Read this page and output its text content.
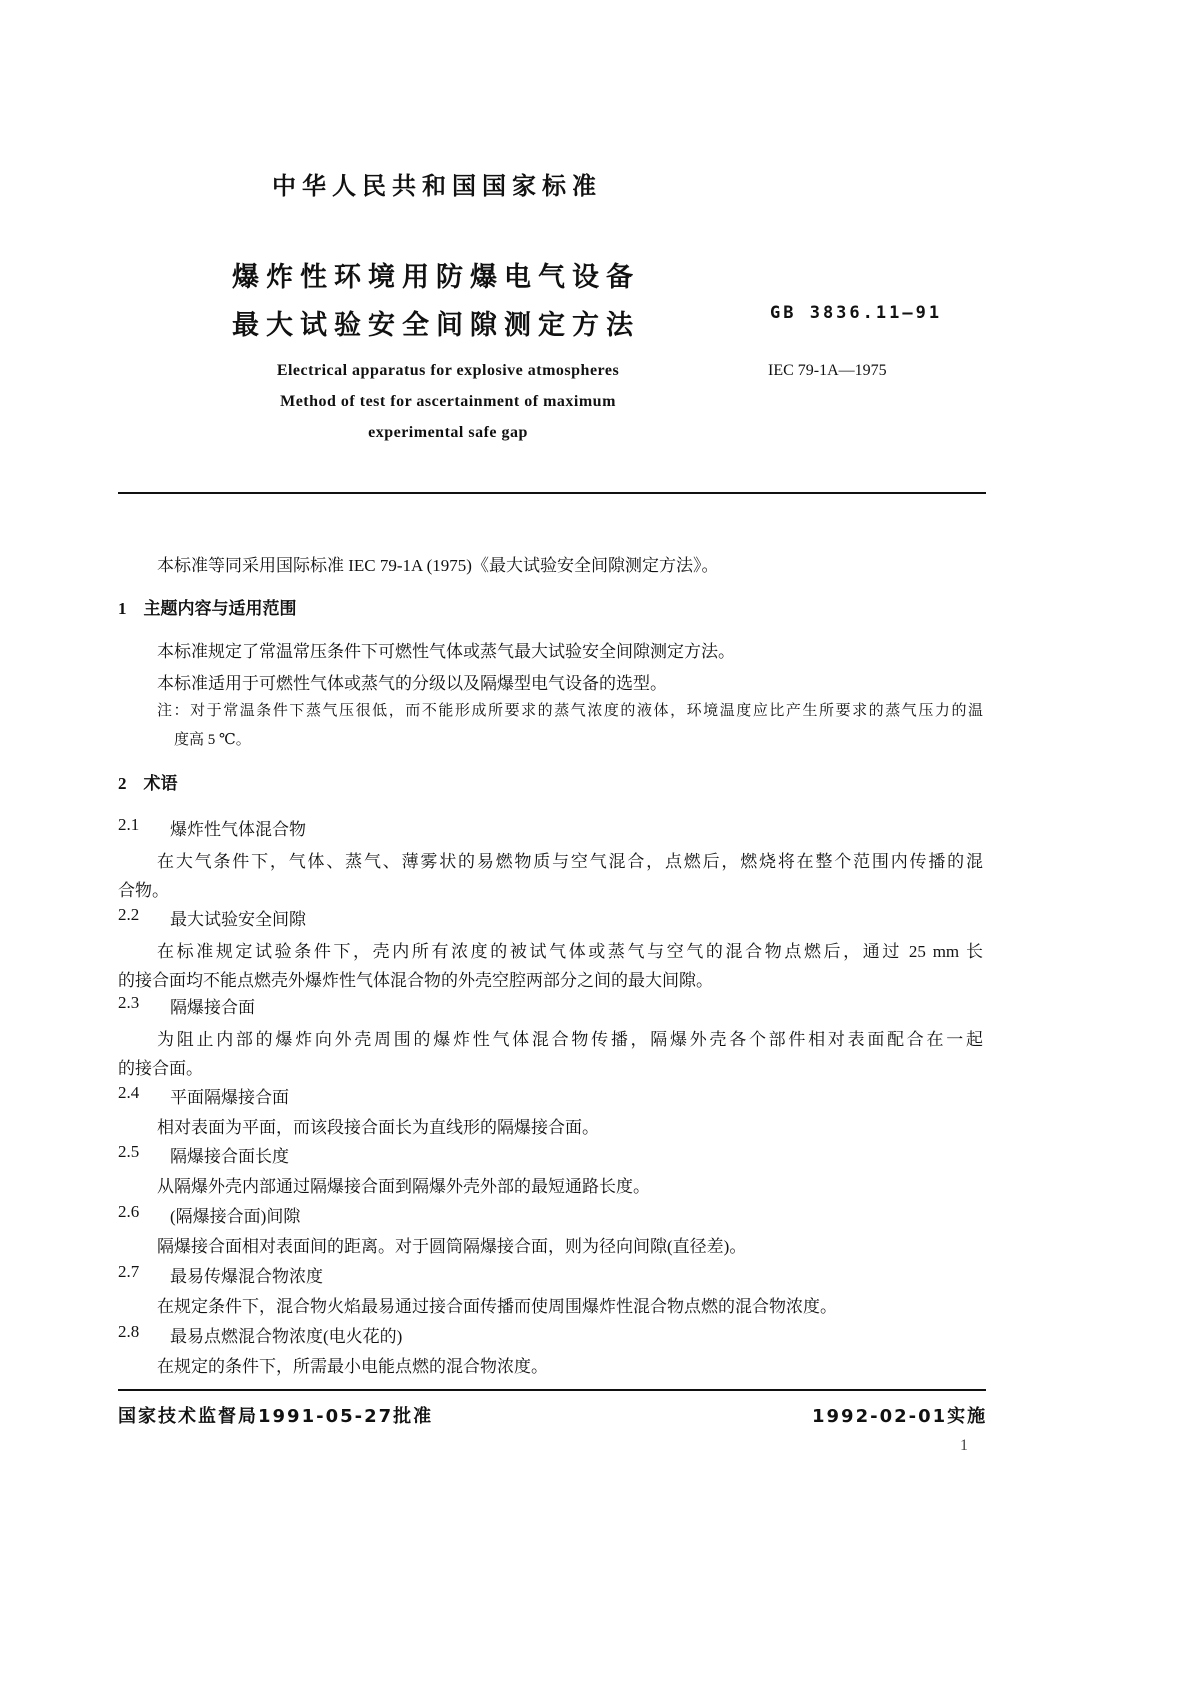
中华人民共和国国家标准
爆炸性环境用防爆电气设备
最大试验安全间隙测定方法	GB 3836.11—91
Electrical apparatus for explosive atmospheres
Method of test for ascertainment of maximum
experimental safe gap
IEC 79-1A—1975
本标准等同采用国际标准 IEC 79-1A (1975)《最大试验安全间隙测定方法》。
1　主题内容与适用范围
本标准规定了常温常压条件下可燃性气体或蒸气最大试验安全间隙测定方法。
本标准适用于可燃性气体或蒸气的分级以及隔爆型电气设备的选型。
注：对于常温条件下蒸气压很低，而不能形成所要求的蒸气浓度的液体，环境温度应比产生所要求的蒸气压力的温
度高 5 ℃。
2　术语
2.1 爆炸性气体混合物
在大气条件下，气体、蒸气、薄雾状的易燃物质与空气混合，点燃后，燃烧将在整个范围内传播的混
合物。
2.2 最大试验安全间隙
在标准规定试验条件下，壳内所有浓度的被试气体或蒸气与空气的混合物点燃后，通过 25 mm 长
的接合面均不能点燃壳外爆炸性气体混合物的外壳空腔两部分之间的最大间隙。
2.3 隔爆接合面
为阻止内部的爆炸向外壳周围的爆炸性气体混合物传播，隔爆外壳各个部件相对表面配合在一起
的接合面。
2.4 平面隔爆接合面
相对表面为平面，而该段接合面长为直线形的隔爆接合面。
2.5 隔爆接合面长度
从隔爆外壳内部通过隔爆接合面到隔爆外壳外部的最短通路长度。
2.6 (隔爆接合面)间隙
隔爆接合面相对表面间的距离。对于圆筒隔爆接合面，则为径向间隙(直径差)。
2.7 最易传爆混合物浓度
在规定条件下，混合物火焰最易通过接合面传播而使周围爆炸性混合物点燃的混合物浓度。
2.8 最易点燃混合物浓度(电火花的)
在规定的条件下，所需最小电能点燃的混合物浓度。
国家技术监督局1991-05-27批准	1992-02-01实施
1
